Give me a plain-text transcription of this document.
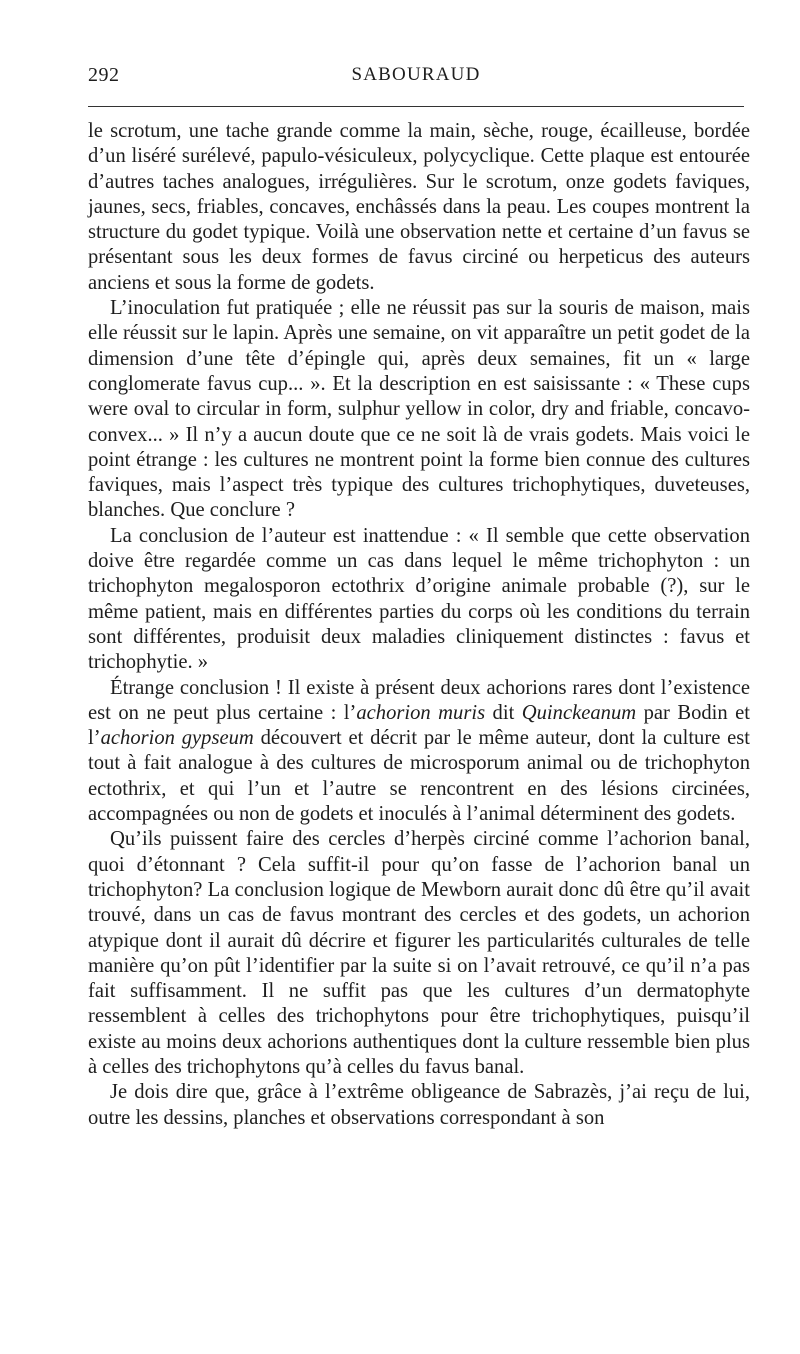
292	SABOURAUD

le scrotum, une tache grande comme la main, sèche, rouge, écailleuse, bordée d’un liséré surélevé, papulo-vésiculeux, polycyclique. Cette plaque est entourée d’autres taches analogues, irrégulières. Sur le scrotum, onze godets faviques, jaunes, secs, friables, concaves, enchâssés dans la peau. Les coupes montrent la structure du godet typique. Voilà une observation nette et certaine d’un favus se présentant sous les deux formes de favus circiné ou herpeticus des auteurs anciens et sous la forme de godets.

L’inoculation fut pratiquée ; elle ne réussit pas sur la souris de maison, mais elle réussit sur le lapin. Après une semaine, on vit apparaître un petit godet de la dimension d’une tête d’épingle qui, après deux semaines, fit un « large conglomerate favus cup... ». Et la description en est saisissante : « These cups were oval to circular in form, sulphur yellow in color, dry and friable, concavo-convex... » Il n’y a aucun doute que ce ne soit là de vrais godets. Mais voici le point étrange : les cultures ne montrent point la forme bien connue des cultures faviques, mais l’aspect très typique des cultures trichophytiques, duveteuses, blanches. Que conclure ?

La conclusion de l’auteur est inattendue : « Il semble que cette observation doive être regardée comme un cas dans lequel le même trichophyton : un trichophyton megalosporon ectothrix d’origine animale probable (?), sur le même patient, mais en différentes parties du corps où les conditions du terrain sont différentes, produisit deux maladies cliniquement distinctes : favus et trichophytie. »

Étrange conclusion ! Il existe à présent deux achorions rares dont l’existence est on ne peut plus certaine : l’achorion muris dit Quinckeanum par Bodin et l’achorion gypseum découvert et décrit par le même auteur, dont la culture est tout à fait analogue à des cultures de microsporum animal ou de trichophyton ectothrix, et qui l’un et l’autre se rencontrent en des lésions circinées, accompagnées ou non de godets et inoculés à l’animal déterminent des godets.

Qu’ils puissent faire des cercles d’herpès circiné comme l’achorion banal, quoi d’étonnant ? Cela suffit-il pour qu’on fasse de l’achorion banal un trichophyton? La conclusion logique de Mewborn aurait donc dû être qu’il avait trouvé, dans un cas de favus montrant des cercles et des godets, un achorion atypique dont il aurait dû décrire et figurer les particularités culturales de telle manière qu’on pût l’identifier par la suite si on l’avait retrouvé, ce qu’il n’a pas fait suffisamment. Il ne suffit pas que les cultures d’un dermatophyte ressemblent à celles des trichophytons pour être trichophytiques, puisqu’il existe au moins deux achorions authentiques dont la culture ressemble bien plus à celles des trichophytons qu’à celles du favus banal.

Je dois dire que, grâce à l’extrême obligeance de Sabrazès, j’ai reçu de lui, outre les dessins, planches et observations correspondant à son
